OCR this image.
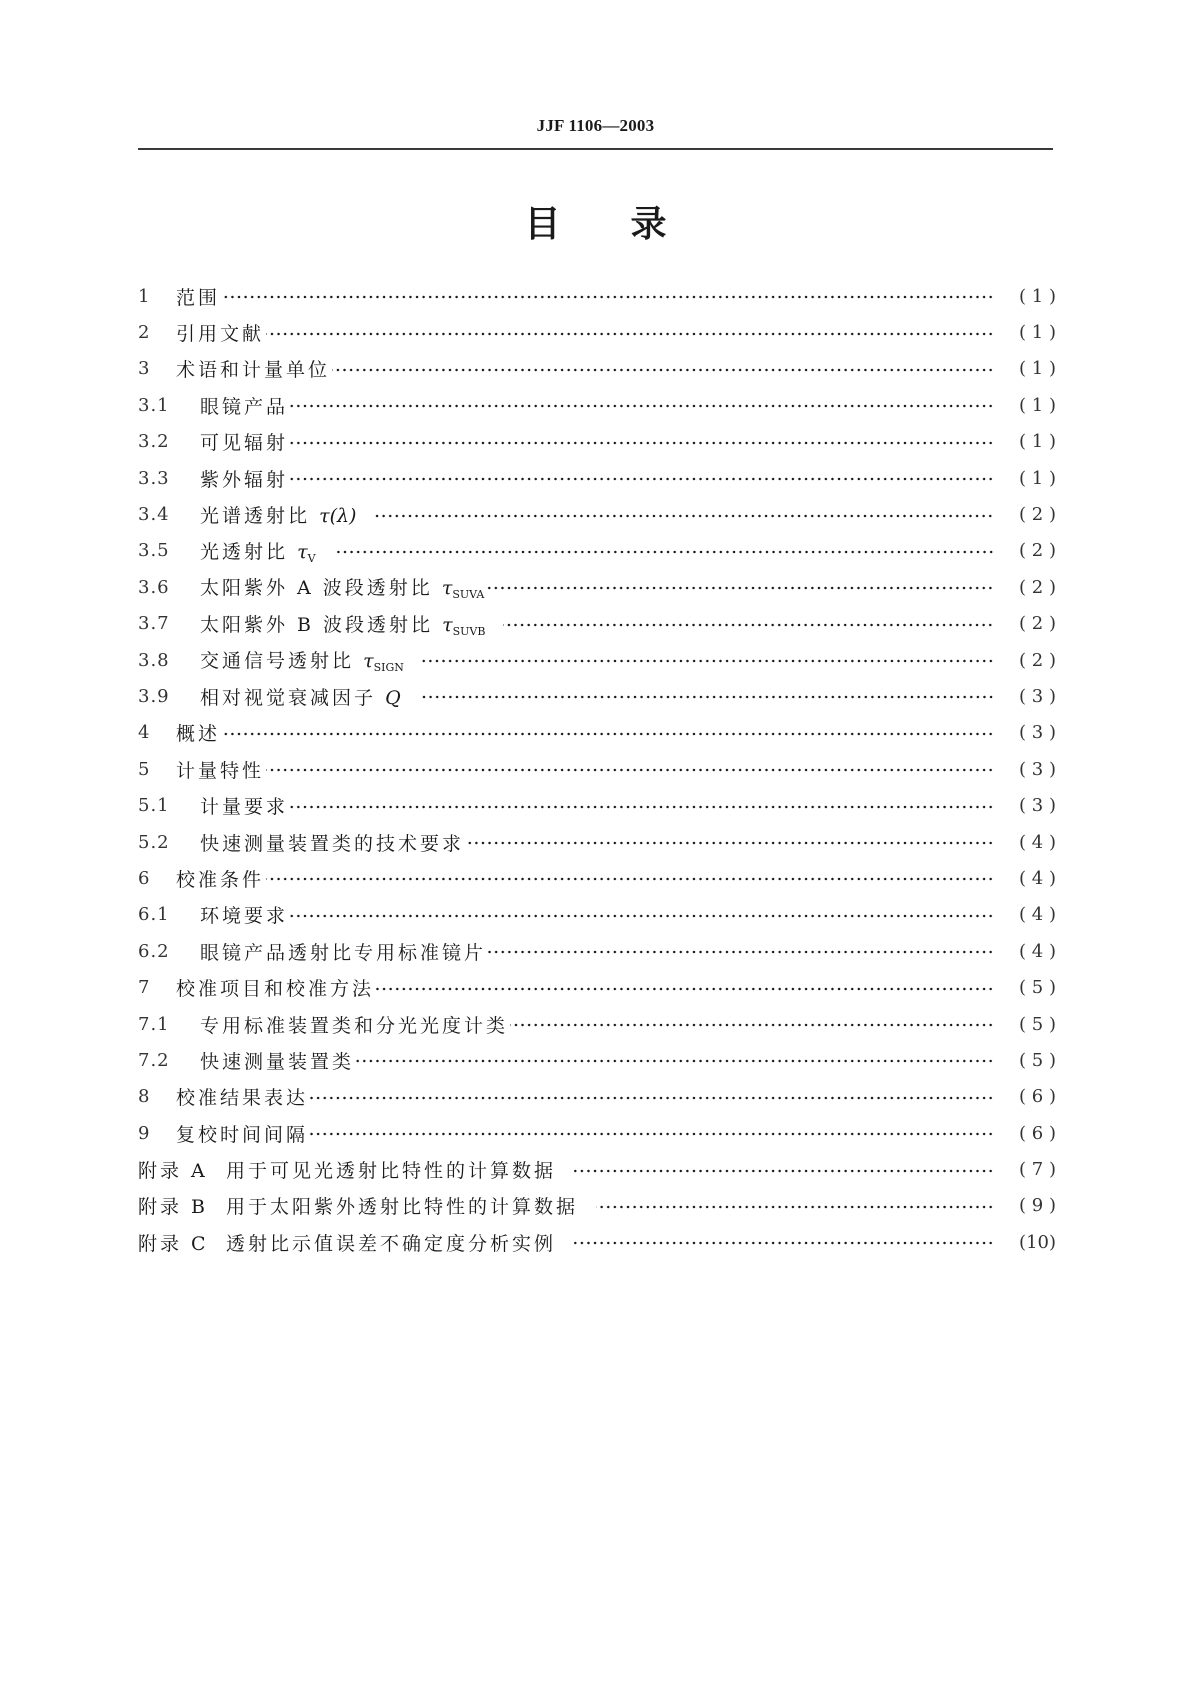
JJF 1106—2003
目 录
1	范围	( 1 )
2	引用文献	( 1 )
3	术语和计量单位	( 1 )
3.1	眼镜产品	( 1 )
3.2	可见辐射	( 1 )
3.3	紫外辐射	( 1 )
3.4	光谱透射比 τ(λ)	( 2 )
3.5	光透射比 $\tau_V$	( 2 )
3.6	太阳紫外 A 波段透射比 $\tau_{SUVA}$	( 2 )
3.7	太阳紫外 B 波段透射比 $\tau_{SUVB}$	( 2 )
3.8	交通信号透射比 $\tau_{SIGN}$	( 2 )
3.9	相对视觉衰减因子 Q	( 3 )
4	概述	( 3 )
5	计量特性	( 3 )
5.1	计量要求	( 3 )
5.2	快速测量装置类的技术要求	( 4 )
6	校准条件	( 4 )
6.1	环境要求	( 4 )
6.2	眼镜产品透射比专用标准镜片	( 4 )
7	校准项目和校准方法	( 5 )
7.1	专用标准装置类和分光光度计类	( 5 )
7.2	快速测量装置类	( 5 )
8	校准结果表达	( 6 )
9	复校时间间隔	( 6 )
附录 A 用于可见光透射比特性的计算数据	( 7 )
附录 B 用于太阳紫外透射比特性的计算数据	( 9 )
附录 C 透射比示值误差不确定度分析实例	(10)
